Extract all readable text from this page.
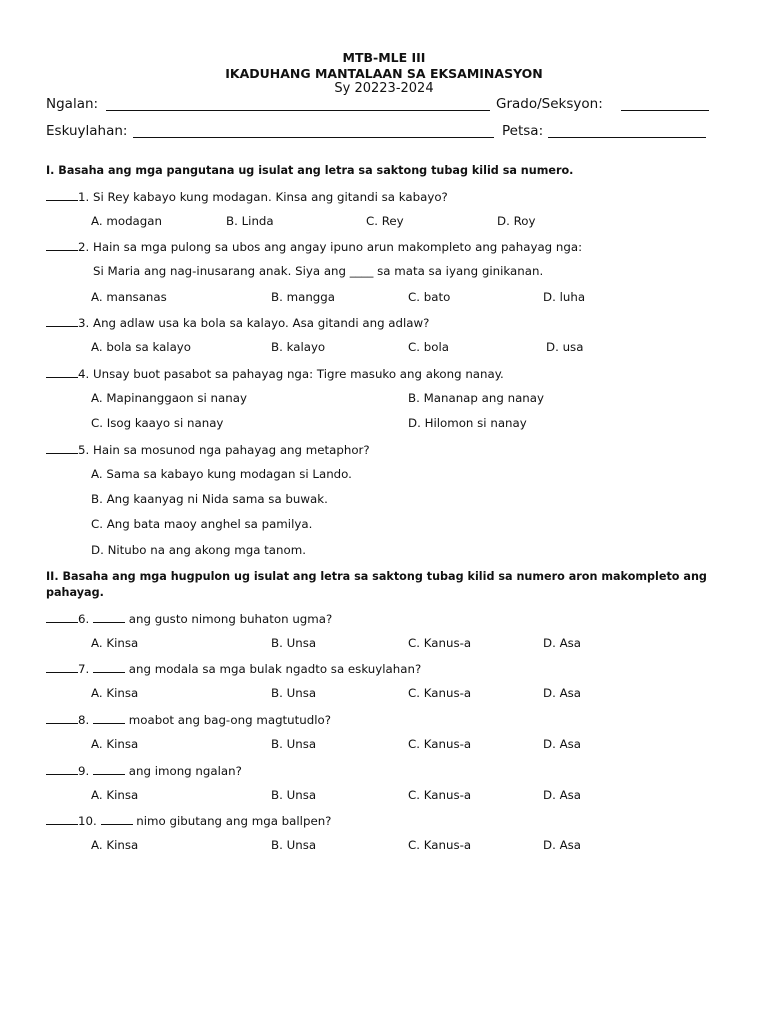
MTB-MLE III
IKADUHANG MANTALAAN SA EKSAMINASYON
Sy 20223-2024
Ngalan:	Grado/Seksyon:
Eskuylahan:	Petsa:
I. Basaha ang mga pangutana ug isulat ang letra sa saktong tubag kilid sa numero.
1. Si Rey kabayo kung modagan. Kinsa ang gitandi sa kabayo?
A. modagan	B. Linda	C. Rey	D. Roy
2. Hain sa mga pulong sa ubos ang angay ipuno arun makompleto ang pahayag nga:
Si Maria ang nag-inusarang anak. Siya ang ____ sa mata sa iyang ginikanan.
A. mansanas	B. mangga	C. bato	D. luha
3. Ang adlaw usa ka bola sa kalayo. Asa gitandi ang adlaw?
A. bola sa kalayo	B. kalayo	C. bola	D. usa
4. Unsay buot pasabot sa pahayag nga: Tigre masuko ang akong nanay.
A. Mapinanggaon si nanay	B. Mananap ang nanay
C. Isog kaayo si nanay	D. Hilomon si nanay
5. Hain sa mosunod nga pahayag ang metaphor?
A. Sama sa kabayo kung modagan si Lando.
B. Ang kaanyag ni Nida sama sa buwak.
C. Ang bata maoy anghel sa pamilya.
D. Nitubo na ang akong mga tanom.
II. Basaha ang mga hugpulon ug isulat ang letra sa saktong tubag kilid sa numero aron makompleto ang pahayag.
6.	ang gusto nimong buhaton ugma?
A. Kinsa	B. Unsa	C. Kanus-a	D. Asa
7.	ang modala sa mga bulak ngadto sa eskuylahan?
A. Kinsa	B. Unsa	C. Kanus-a	D. Asa
8.	moabot ang bag-ong magtutudlo?
A. Kinsa	B. Unsa	C. Kanus-a	D. Asa
9.	ang imong ngalan?
A. Kinsa	B. Unsa	C. Kanus-a	D. Asa
10.	nimo gibutang ang mga ballpen?
A. Kinsa	B. Unsa	C. Kanus-a	D. Asa
